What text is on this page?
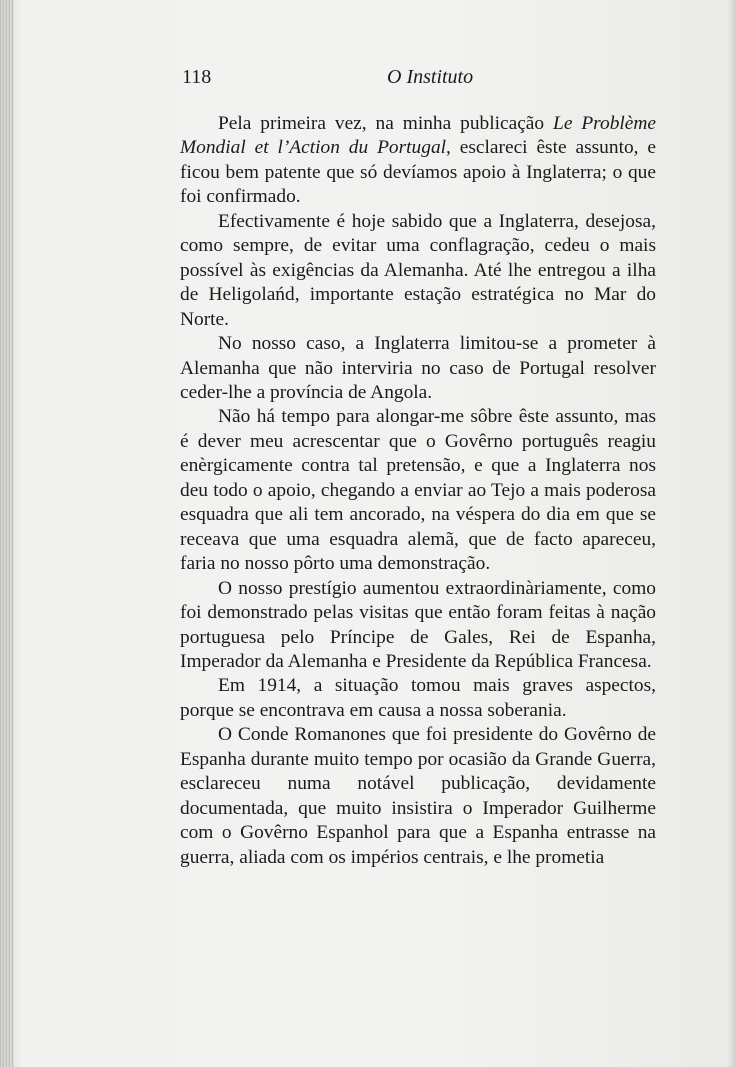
118	O Instituto

Pela primeira vez, na minha publicação Le Problème Mondial et l’Action du Portugal, esclareci êste assunto, e ficou bem patente que só devíamos apoio à Inglaterra; o que foi confirmado.

Efectivamente é hoje sabido que a Inglaterra, desejosa, como sempre, de evitar uma conflagração, cedeu o mais possível às exigências da Alemanha. Até lhe entregou a ilha de Heligolańd, importante estação estratégica no Mar do Norte.

No nosso caso, a Inglaterra limitou-se a prometer à Alemanha que não interviria no caso de Portugal resolver ceder-lhe a província de Angola.

Não há tempo para alongar-me sôbre êste assunto, mas é dever meu acrescentar que o Govêrno português reagiu enèrgicamente contra tal pretensão, e que a Inglaterra nos deu todo o apoio, chegando a enviar ao Tejo a mais poderosa esquadra que ali tem ancorado, na véspera do dia em que se receava que uma esquadra alemã, que de facto apareceu, faria no nosso pôrto uma demonstração.

O nosso prestígio aumentou extraordinàriamente, como foi demonstrado pelas visitas que então foram feitas à nação portuguesa pelo Príncipe de Gales, Rei de Espanha, Imperador da Alemanha e Presidente da República Francesa.

Em 1914, a situação tomou mais graves aspectos, porque se encontrava em causa a nossa soberania.

O Conde Romanones que foi presidente do Govêrno de Espanha durante muito tempo por ocasião da Grande Guerra, esclareceu numa notável publicação, devidamente documentada, que muito insistira o Imperador Guilherme com o Govêrno Espanhol para que a Espanha entrasse na guerra, aliada com os impérios centrais, e lhe prometia
